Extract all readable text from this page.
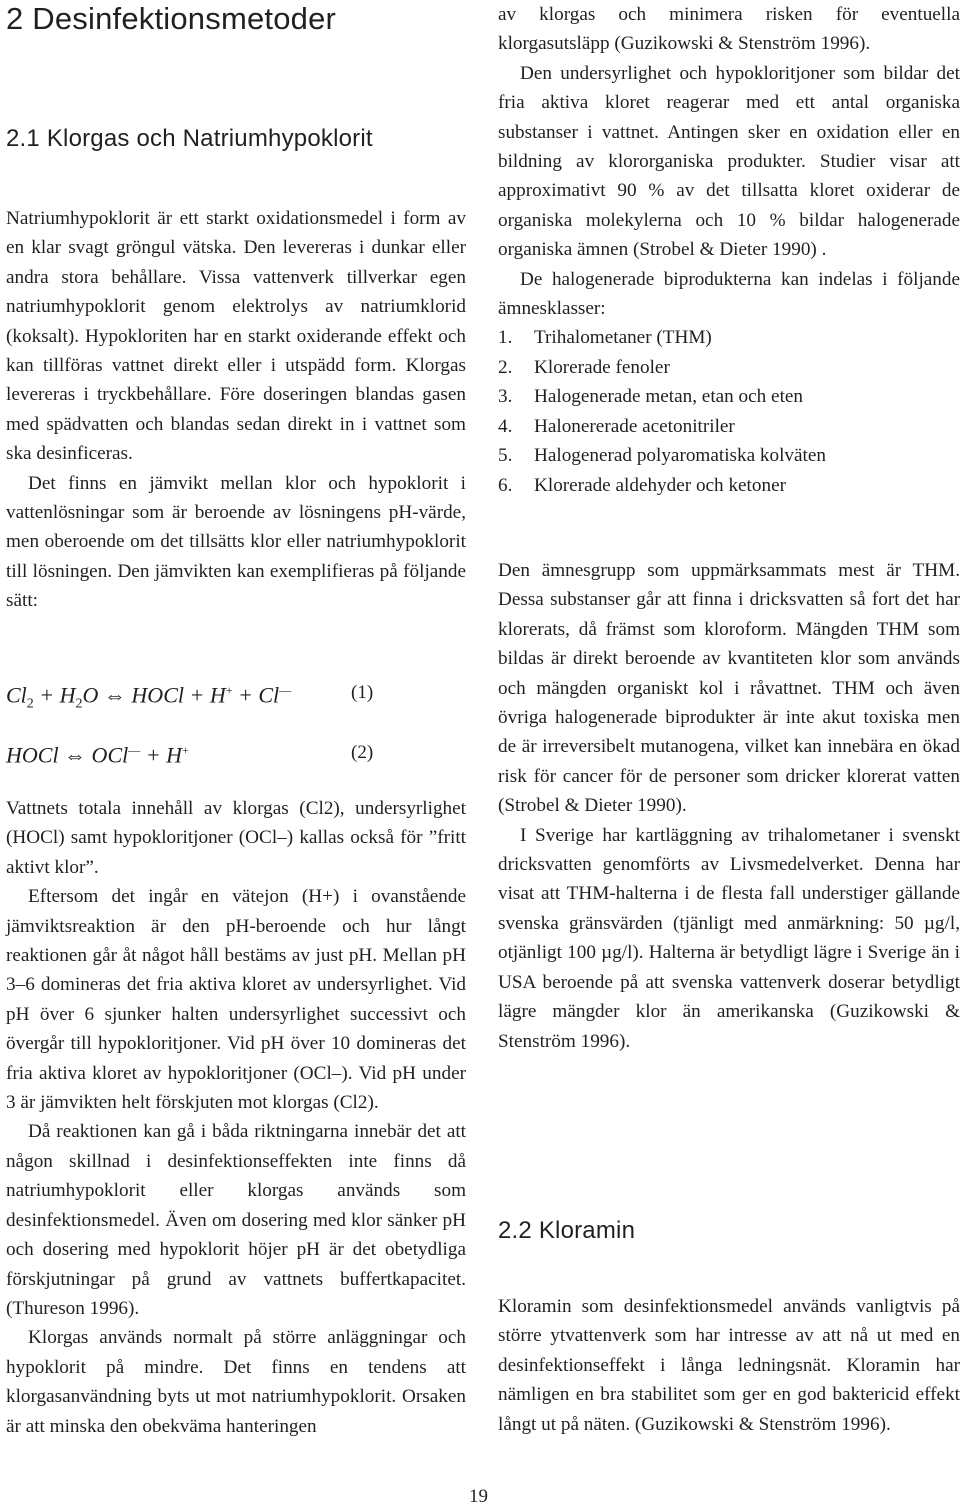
2 Desinfektionsmetoder
2.1 Klorgas och Natriumhypoklorit

Natriumhypoklorit är ett starkt oxidationsmedel i form av en klar svagt gröngul vätska. Den levereras i dunkar eller andra stora behållare. Vissa vattenverk tillverkar egen natriumhypoklorit genom elektrolys av natriumklorid (koksalt). Hypokloriten har en starkt oxiderande effekt och kan tillföras vattnet direkt eller i utspädd form. Klorgas levereras i tryckbehållare. Före doseringen blandas gasen med spädvatten och blandas sedan direkt in i vattnet som ska desinficeras.

Det finns en jämvikt mellan klor och hypoklorit i vattenlösningar som är beroende av lösningens pH-värde, men oberoende om det tillsätts klor eller natriumhypoklorit till lösningen. Den jämvikten kan exemplifieras på följande sätt:

$Cl_2 + H_2O$ ⇔ HOCl + H+ + Cl—	(1)
HOCl ⇔ OCl— + H+	(2)

Vattnets totala innehåll av klorgas (Cl2), undersyrlighet (HOCl) samt hypokloritjoner (OCl–) kallas också för ”fritt aktivt klor”.

Eftersom det ingår en vätejon (H+) i ovanstående jämviktsreaktion är den pH-beroende och hur långt reaktionen går åt något håll bestäms av just pH. Mellan pH 3–6 domineras det fria aktiva kloret av undersyrlighet. Vid pH över 6 sjunker halten undersyrlighet successivt och övergår till hypokloritjoner. Vid pH över 10 domineras det fria aktiva kloret av hypokloritjoner (OCl–). Vid pH under 3 är jämvikten helt förskjuten mot klorgas (Cl2).

Då reaktionen kan gå i båda riktningarna innebär det att någon skillnad i desinfektionseffekten inte finns då natriumhypoklorit eller klorgas används som desinfektionsmedel. Även om dosering med klor sänker pH och dosering med hypoklorit höjer pH är det obetydliga förskjutningar på grund av vattnets buffertkapacitet. (Thureson 1996).

Klorgas används normalt på större anläggningar och hypoklorit på mindre. Det finns en tendens att klorgasanvändning byts ut mot natriumhypoklorit. Orsaken är att minska den obekväma hanteringen

av klorgas och minimera risken för eventuella klorgasutsläpp (Guzikowski & Stenström 1996).

Den undersyrlighet och hypokloritjoner som bildar det fria aktiva kloret reagerar med ett antal organiska substanser i vattnet. Antingen sker en oxidation eller en bildning av klororganiska produkter. Studier visar att approximativt 90 % av det tillsatta kloret oxiderar de organiska molekylerna och 10 % bildar halogenerade organiska ämnen (Strobel & Dieter 1990) .

De halogenerade biprodukterna kan indelas i följande ämnesklasser:

1.	Trihalometaner (THM)
2.	Klorerade fenoler
3.	Halogenerade metan, etan och eten
4.	Halonererade acetonitriler
5.	Halogenerad polyaromatiska kolväten
6.	Klorerade aldehyder och ketoner

Den ämnesgrupp som uppmärksammats mest är THM. Dessa substanser går att finna i dricksvatten så fort det har klorerats, då främst som kloroform. Mängden THM som bildas är direkt beroende av kvantiteten klor som används och mängden organiskt kol i råvattnet. THM och även övriga halogenerade biprodukter är inte akut toxiska men de är irreversibelt mutanogena, vilket kan innebära en ökad risk för cancer för de personer som dricker klorerat vatten (Strobel & Dieter 1990).

I Sverige har kartläggning av trihalometaner i svenskt dricksvatten genomförts av Livsmedelverket. Denna har visat att THM-halterna i de flesta fall understiger gällande svenska gränsvärden (tjänligt med anmärkning: 50 µg/l, otjänligt 100 µg/l). Halterna är betydligt lägre i Sverige än i USA beroende på att svenska vattenverk doserar betydligt lägre mängder klor än amerikanska (Guzikowski & Stenström 1996).

2.2 Kloramin

Kloramin som desinfektionsmedel används vanligtvis på större ytvattenverk som har intresse av att nå ut med en desinfektionseffekt i långa ledningsnät. Kloramin har nämligen en bra stabilitet som ger en god baktericid effekt långt ut på näten. (Guzikowski & Stenström 1996).

19
